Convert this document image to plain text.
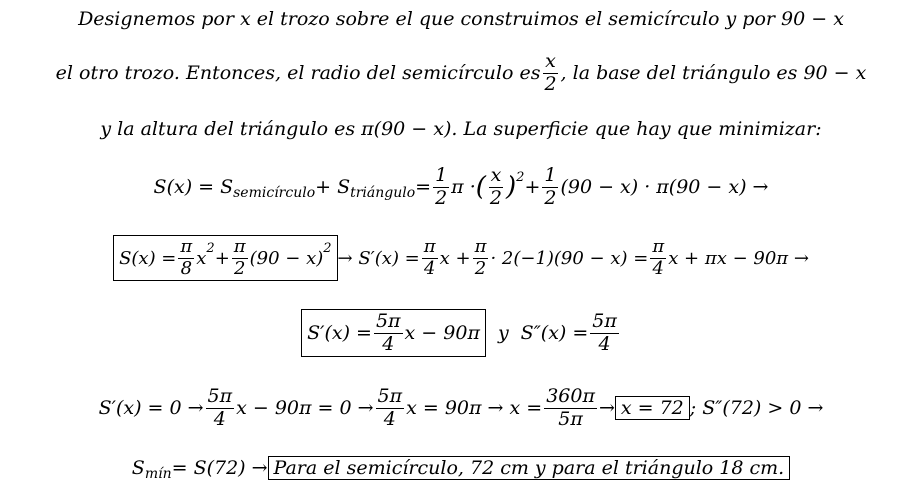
Designemos por x el trozo sobre el que construimos el semicírculo y por 90 − x
el otro trozo. Entonces, el radio del semicírculo es $\frac{x}{2}$ , la base del triángulo es 90 − x
y la altura del triángulo es π(90 − x). La superficie que hay que minimizar:
S(x) = S semicírculo + S triángulo = $\frac{1}{2}$ π · ( $\frac{x}{2}$ ) $2 + \frac{1}{2} (90 - x) \cdot \pi(90 - x)$ →
$S(x) = \frac{\pi}{8}$ x $2 + \frac{\pi}{2} (90 - x) 2 \to S'(x) = \frac{\pi}{4}$ $x + \frac{\pi}{2} \cdot 2(-1)(90 - x) = \frac{\pi}{4}$ x + πx − 90π →
$S'(x) = \frac{5\pi}{4}$ x − 90π y $S''(x) = \frac{5\pi}{4}$
$S'(x) = 0 \to \frac{5\pi}{4}$ $x - 90\pi = 0 \to \frac{5\pi}{4}$ $x = 90\pi \to x = \frac{360\pi}{5\pi} \to x = 72$ ; S″(72) > 0 →
S mín = S(72) → Para el semicírculo, 72 cm y para el triángulo 18 cm.
